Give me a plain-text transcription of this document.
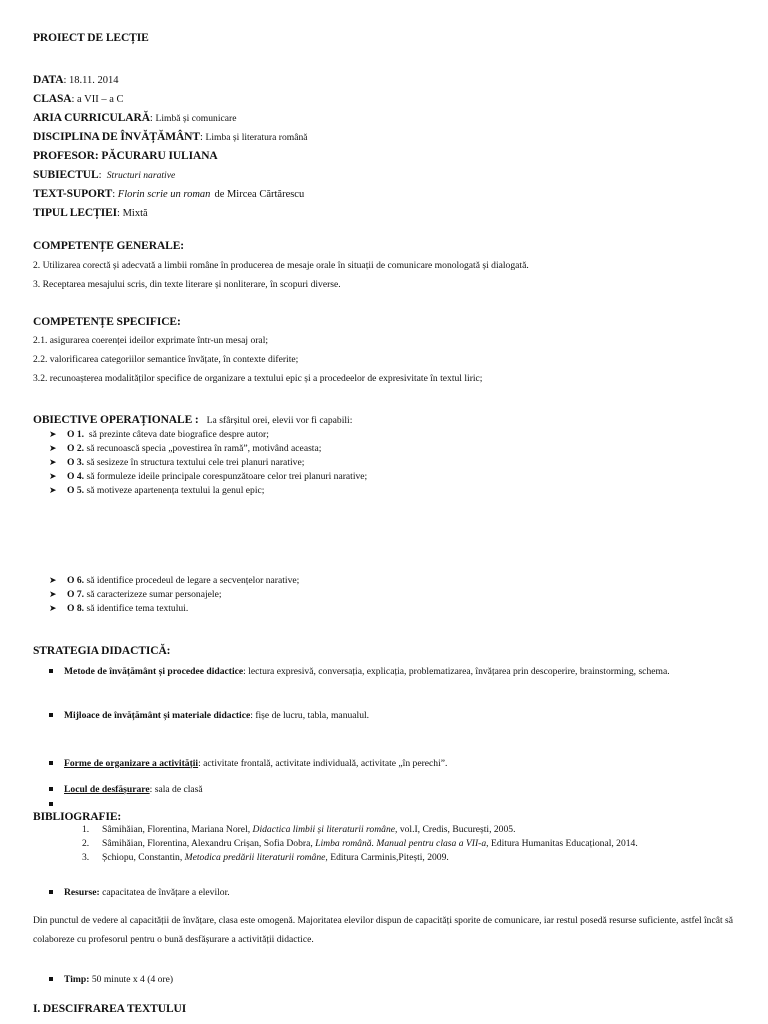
PROIECT DE LECȚIE
DATA: 18.11. 2014
CLASA: a VII – a C
ARIA CURRICULARĂ: Limbă și comunicare
DISCIPLINA DE ÎNVĂȚĂMÂNT: Limba și literatura română
PROFESOR: PĂCURARU IULIANA
SUBIECTUL:  Structuri narative
TEXT-SUPORT: Florin scrie un roman de Mircea Cărtărescu
TIPUL LECȚIEI: Mixtă
COMPETENȚE GENERALE:
2. Utilizarea corectă și adecvată a limbii române în producerea de mesaje orale în situații de comunicare monologată și dialogată.
3. Receptarea mesajului scris, din texte literare și nonliterare, în scopuri diverse.
COMPETENȚE SPECIFICE:
2.1. asigurarea coerenței ideilor exprimate într-un mesaj oral;
2.2. valorificarea categoriilor semantice învățate, în contexte diferite;
3.2. recunoașterea modalităților specifice de organizare a textului epic și a procedeelor de expresivitate în textul liric;
OBIECTIVE OPERAȚIONALE : La sfârșitul orei, elevii vor fi capabili:
➤ O 1. să prezinte câteva date biografice despre autor;
➤ O 2. să recunoască specia „povestirea în ramă”, motivând aceasta;
➤ O 3. să sesizeze în structura textului cele trei planuri narative;
➤ O 4. să formuleze ideile principale corespunzătoare celor trei planuri narative;
➤ O 5. să motiveze apartenența textului la genul epic;
➤ O 6. să identifice procedeul de legare a secvențelor narative;
➤ O 7. să caracterizeze sumar personajele;
➤ O 8. să identifice tema textului.
STRATEGIA DIDACTICĂ:
Metode de învățământ și procedee didactice: lectura expresivă, conversația, explicația, problematizarea, învățarea prin descoperire, brainstorming, schema.
Mijloace de învățământ și materiale didactice: fișe de lucru, tabla, manualul.
Forme de organizare a activității: activitate frontală, activitate individuală, activitate „în perechi”.
Locul de desfășurare: sala de clasă
BIBLIOGRAFIE:
1. Sâmihăian, Florentina, Mariana Norel, Didactica limbii și literaturii române, vol.I, Credis, București, 2005.
2. Sâmihăian, Florentina, Alexandru Crișan, Sofia Dobra, Limba română. Manual pentru clasa a VII-a, Editura Humanitas Educațional, 2014.
3. Șchiopu, Constantin, Metodica predării literaturii române, Editura Carminis,Pitești, 2009.
Resurse: capacitatea de învățare a elevilor.
Din punctul de vedere al capacității de învățare, clasa este omogenă. Majoritatea elevilor dispun de capacități sporite de comunicare, iar restul posedă resurse suficiente, astfel încât să colaboreze cu profesorul pentru o bună desfășurare a activității didactice.
Timp: 50 minute x 4 (4 ore)
I. DESCIFRAREA TEXTULUI
